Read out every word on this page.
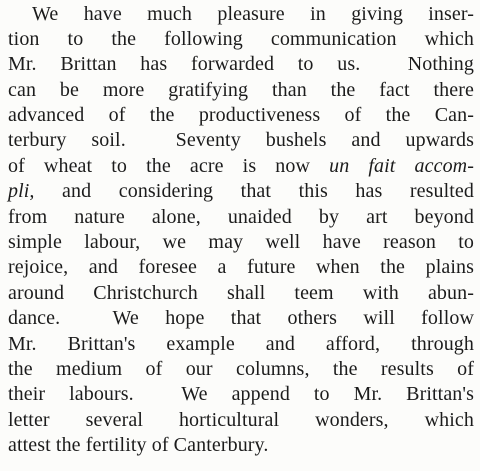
We have much pleasure in giving inser-
tion to the following communication which
Mr. Brittan has forwarded to us.  Nothing
can be more gratifying than the fact there
advanced of the productiveness of the Can-
terbury soil.  Seventy bushels and upwards
of wheat to the acre is now un fait accom-
pli, and considering that this has resulted
from nature alone, unaided by art beyond
simple labour, we may well have reason to
rejoice, and foresee a future when the plains
around Christchurch shall teem with abun-
dance.  We hope that others will follow
Mr. Brittan's example and afford, through
the medium of our columns, the results of
their labours.  We append to Mr. Brittan's
letter several horticultural wonders, which
attest the fertility of Canterbury.
